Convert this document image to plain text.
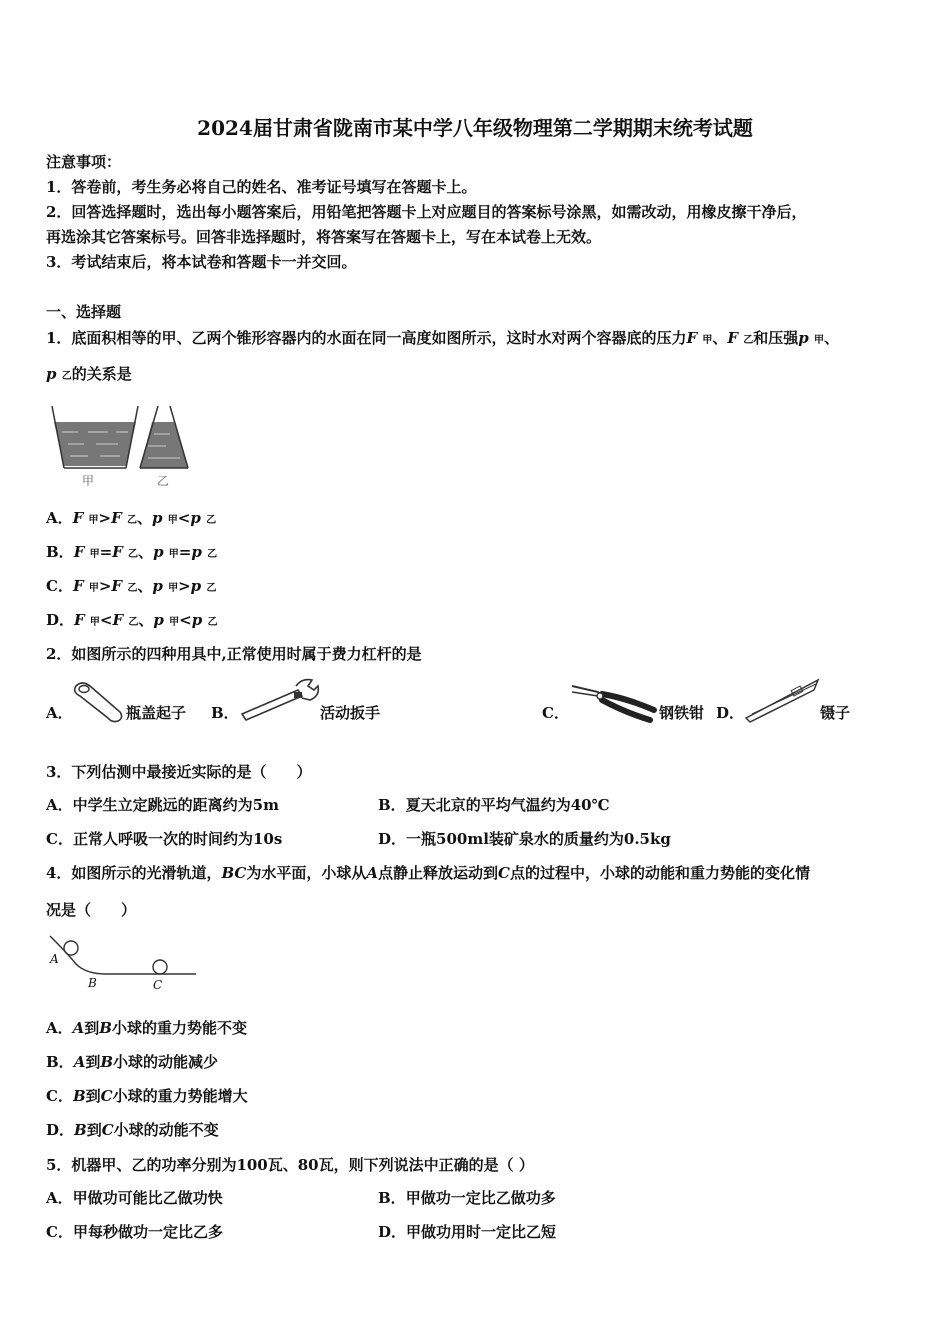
2024届甘肃省陇南市某中学八年级物理第二学期期末统考试题
注意事项：
1．答卷前，考生务必将自己的姓名、准考证号填写在答题卡上。
2．回答选择题时，选出每小题答案后，用铅笔把答题卡上对应题目的答案标号涂黑，如需改动，用橡皮擦干净后，
再选涂其它答案标号。回答非选择题时，将答案写在答题卡上，写在本试卷上无效。
3．考试结束后，将本试卷和答题卡一并交回。
一、选择题
1．底面积相等的甲、乙两个锥形容器内的水面在同一高度如图所示，这时水对两个容器底的压力F 甲、F 乙和压强p 甲、
p 乙的关系是
甲	乙
A．F 甲>F 乙、p 甲<p 乙
B．F 甲=F 乙、p 甲=p 乙
C．F 甲>F 乙、p 甲>p 乙
D．F 甲<F 乙、p 甲<p 乙
2．如图所示的四种用具中,正常使用时属于费力杠杆的是
A．	瓶盖起子 B．	活动扳手	C．	钢铁钳 D．	镊子
3．下列估测中最接近实际的是（　　）
A．中学生立定跳远的距离约为5m	B．夏天北京的平均气温约为40℃
C．正常人呼吸一次的时间约为10s	D．一瓶500ml装矿泉水的质量约为0.5kg
4．如图所示的光滑轨道，BC为水平面，小球从A点静止释放运动到C点的过程中，小球的动能和重力势能的变化情
况是（　　）
A
B	C
A．A到B小球的重力势能不变
B．A到B小球的动能减少
C．B到C小球的重力势能增大
D．B到C小球的动能不变
5．机器甲、乙的功率分别为100瓦、80瓦，则下列说法中正确的是（ ）
A．甲做功可能比乙做功快	B．甲做功一定比乙做功多
C．甲每秒做功一定比乙多	D．甲做功用时一定比乙短
